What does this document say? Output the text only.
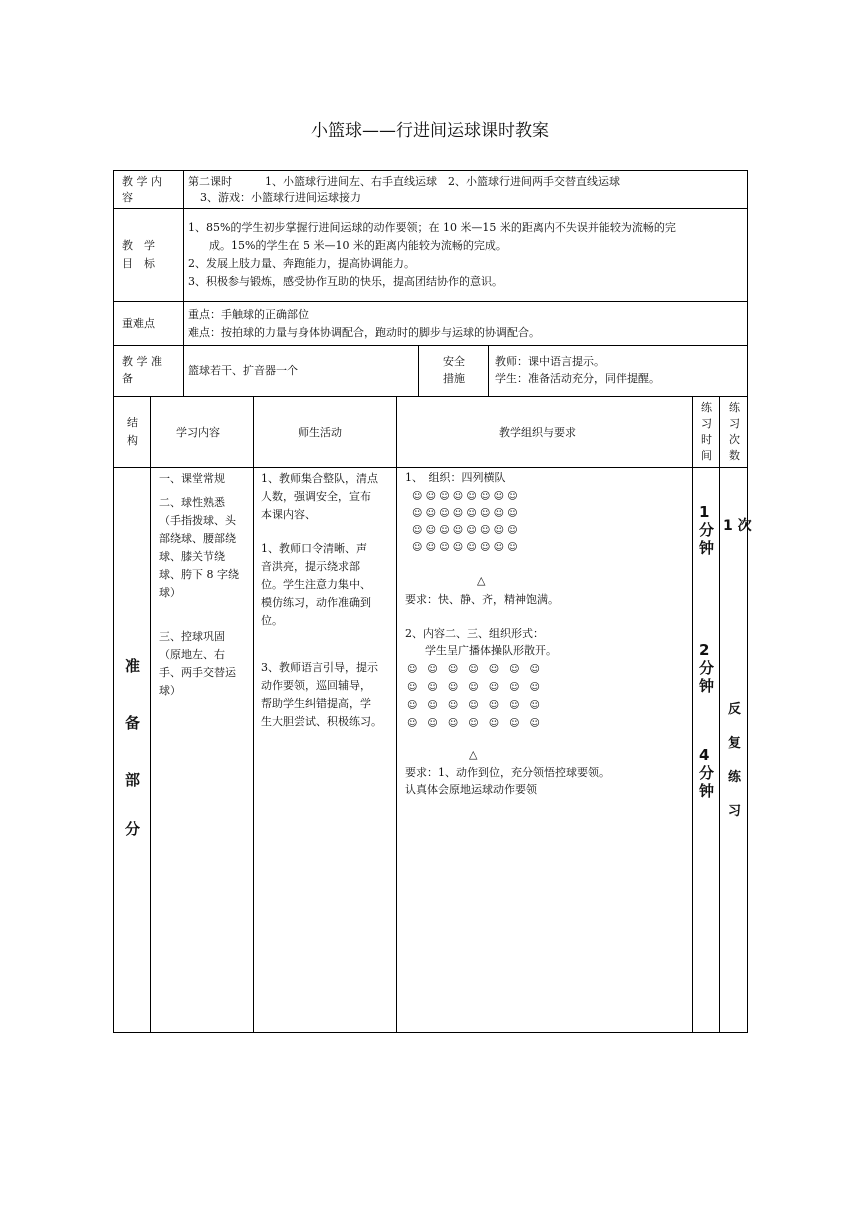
小篮球——行进间运球课时教案
教 学 内
容
第二课时　　　1、小篮球行进间左、右手直线运球　2、小篮球行进间两手交替直线运球
3、游戏：小篮球行进间运球接力
教　学
目　标
1、85%的学生初步掌握行进间运球的动作要领；在 10 米—15 米的距离内不失误并能较为流畅的完
成。15%的学生在 5 米—10 米的距离内能较为流畅的完成。
2、发展上肢力量、奔跑能力，提高协调能力。
3、积极参与锻炼，感受协作互助的快乐，提高团结协作的意识。
重难点
重点：手触球的正确部位
难点：按拍球的力量与身体协调配合，跑动时的脚步与运球的协调配合。
教 学 准
备
篮球若干、扩音器一个
安全
措施
教师：课中语言提示。
学生：准备活动充分，同伴提醒。
结
构
学习内容	师生活动	教学组织与要求
练
习
时
间
练
习
次
数
准
备
部
分
一、课堂常规
二、球性熟悉
（手指拨球、头
部绕球、腰部绕
球、膝关节绕
球、胯下 8 字绕
球）
三、控球巩固
（原地左、右
手、两手交替运
球）
1、教师集合整队，清点
人数，强调安全，宣布
本课内容、
1、教师口令清晰、声
音洪亮，提示绕求部
位。学生注意力集中、
模仿练习，动作准确到
位。
3、教师语言引导，提示
动作要领，巡回辅导，
帮助学生纠错提高，学
生大胆尝试、积极练习。
1、　组织：四列横队
☺ ☺ ☺ ☺ ☺ ☺ ☺ ☺
☺ ☺ ☺ ☺ ☺ ☺ ☺ ☺
☺ ☺ ☺ ☺ ☺ ☺ ☺ ☺
☺ ☺ ☺ ☺ ☺ ☺ ☺ ☺
△
要求：快、静、齐，精神饱满。
2、内容二、三、组织形式：
学生呈广播体操队形散开。
☺　☺　☺　☺　☺　☺　☺
☺　☺　☺　☺　☺　☺　☺
☺　☺　☺　☺　☺　☺　☺
☺　☺　☺　☺　☺　☺　☺
△
要求：1、动作到位，充分领悟控球要领。
认真体会原地运球动作要领
1
分
钟
2
分
钟
4
分
钟
1 次
反
复
练
习
